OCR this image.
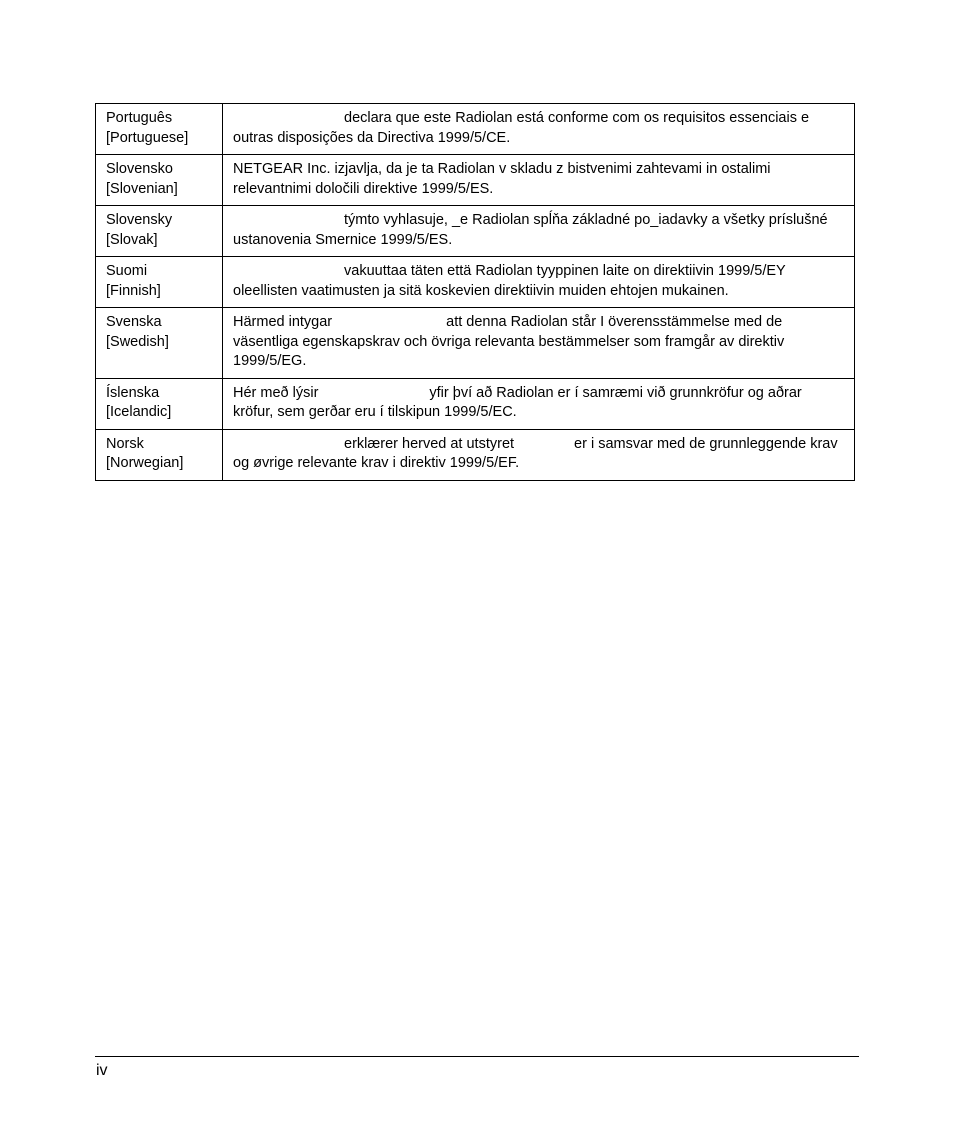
Português
[Portuguese]	declara que este Radiolan está conforme com os requisitos essenciais e outras disposições da Directiva 1999/5/CE.

Slovensko
[Slovenian]	NETGEAR Inc. izjavlja, da je ta Radiolan v skladu z bistvenimi zahtevami in ostalimi relevantnimi določili direktive 1999/5/ES.

Slovensky
[Slovak]	týmto vyhlasuje, _e Radiolan spĺňa základné po_iadavky a všetky príslušné ustanovenia Smernice 1999/5/ES.

Suomi
[Finnish]	vakuuttaa täten että Radiolan tyyppinen laite on direktiivin 1999/5/EY oleellisten vaatimusten ja sitä koskevien direktiivin muiden ehtojen mukainen.

Svenska
[Swedish]	Härmed intygar att denna Radiolan står I överensstämmelse med de väsentliga egenskapskrav och övriga relevanta bestämmelser som framgår av direktiv 1999/5/EG.

Íslenska
[Icelandic]	Hér með lýsir yfir því að Radiolan er í samræmi við grunnkröfur og aðrar kröfur, sem gerðar eru í tilskipun 1999/5/EC.

Norsk
[Norwegian]	erklærer herved at utstyret er i samsvar med de grunnleggende krav og øvrige relevante krav i direktiv 1999/5/EF.
iv
